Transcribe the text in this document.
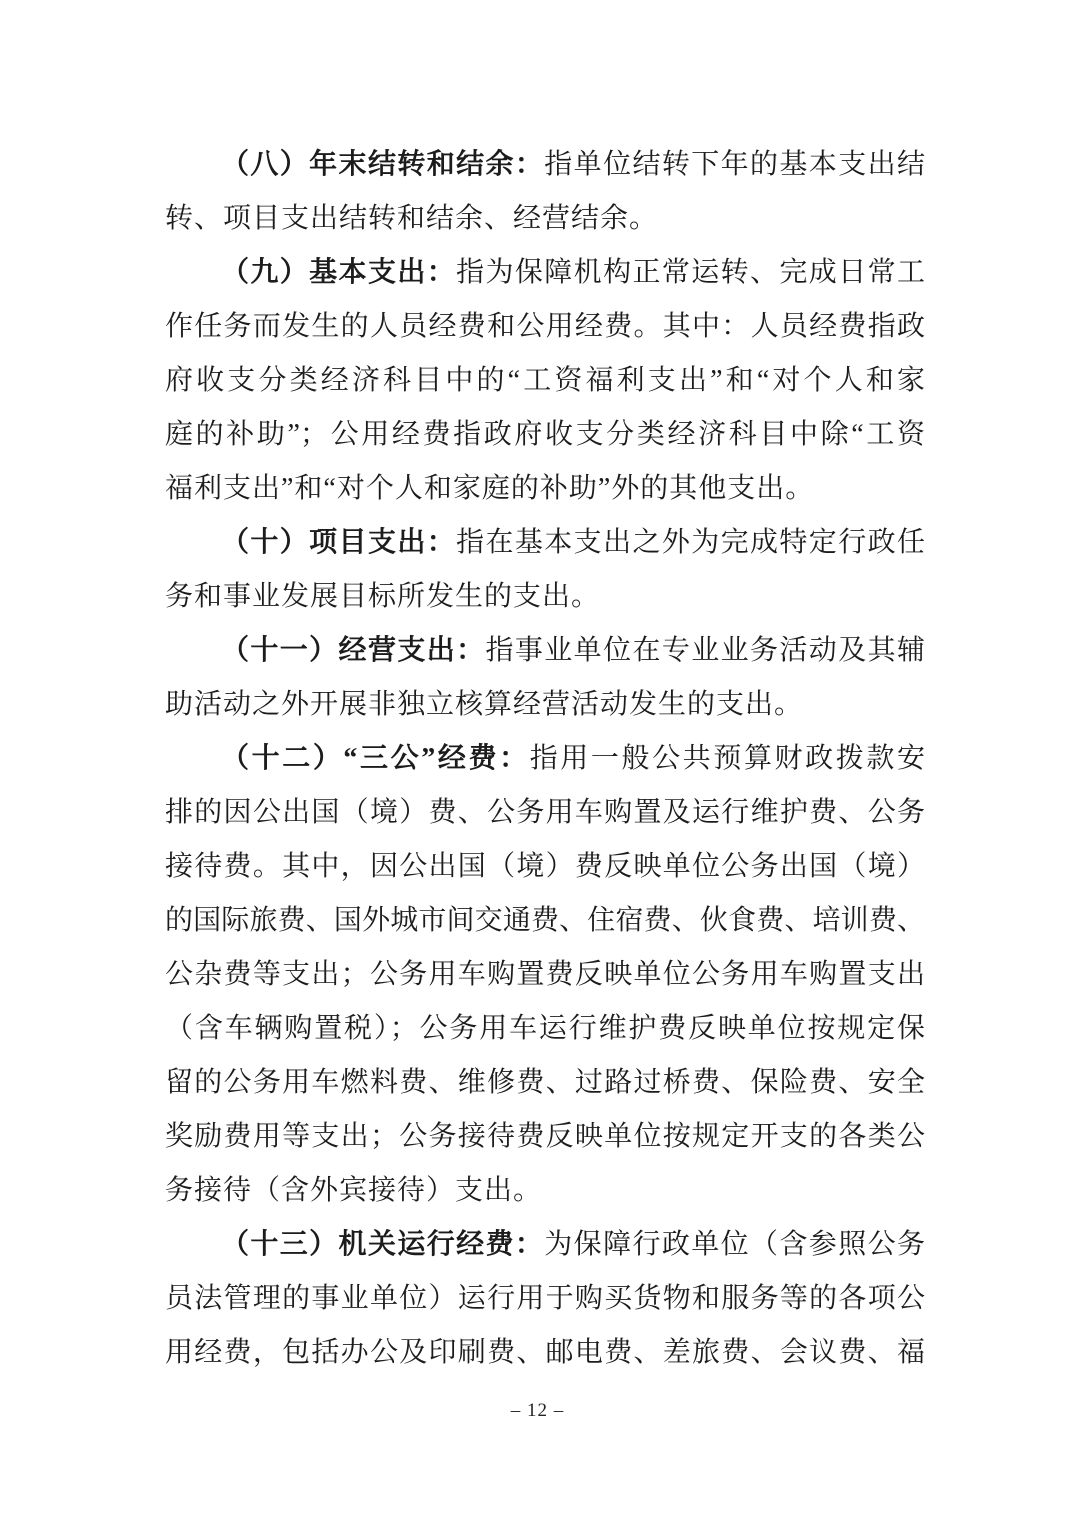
（八）年末结转和结余：指单位结转下年的基本支出结
转、项目支出结转和结余、经营结余。
（九）基本支出：指为保障机构正常运转、完成日常工
作任务而发生的人员经费和公用经费。其中：人员经费指政
府收支分类经济科目中的“工资福利支出”和“对个人和家
庭的补助”；公用经费指政府收支分类经济科目中除“工资
福利支出”和“对个人和家庭的补助”外的其他支出。
（十）项目支出：指在基本支出之外为完成特定行政任
务和事业发展目标所发生的支出。
（十一）经营支出：指事业单位在专业业务活动及其辅
助活动之外开展非独立核算经营活动发生的支出。
（十二）“三公”经费：指用一般公共预算财政拨款安
排的因公出国（境）费、公务用车购置及运行维护费、公务
接待费。其中，因公出国（境）费反映单位公务出国（境）
的国际旅费、国外城市间交通费、住宿费、伙食费、培训费、
公杂费等支出；公务用车购置费反映单位公务用车购置支出
（含车辆购置税）；公务用车运行维护费反映单位按规定保
留的公务用车燃料费、维修费、过路过桥费、保险费、安全
奖励费用等支出；公务接待费反映单位按规定开支的各类公
务接待（含外宾接待）支出。
（十三）机关运行经费：为保障行政单位（含参照公务
员法管理的事业单位）运行用于购买货物和服务等的各项公
用经费，包括办公及印刷费、邮电费、差旅费、会议费、福
– 12 –
